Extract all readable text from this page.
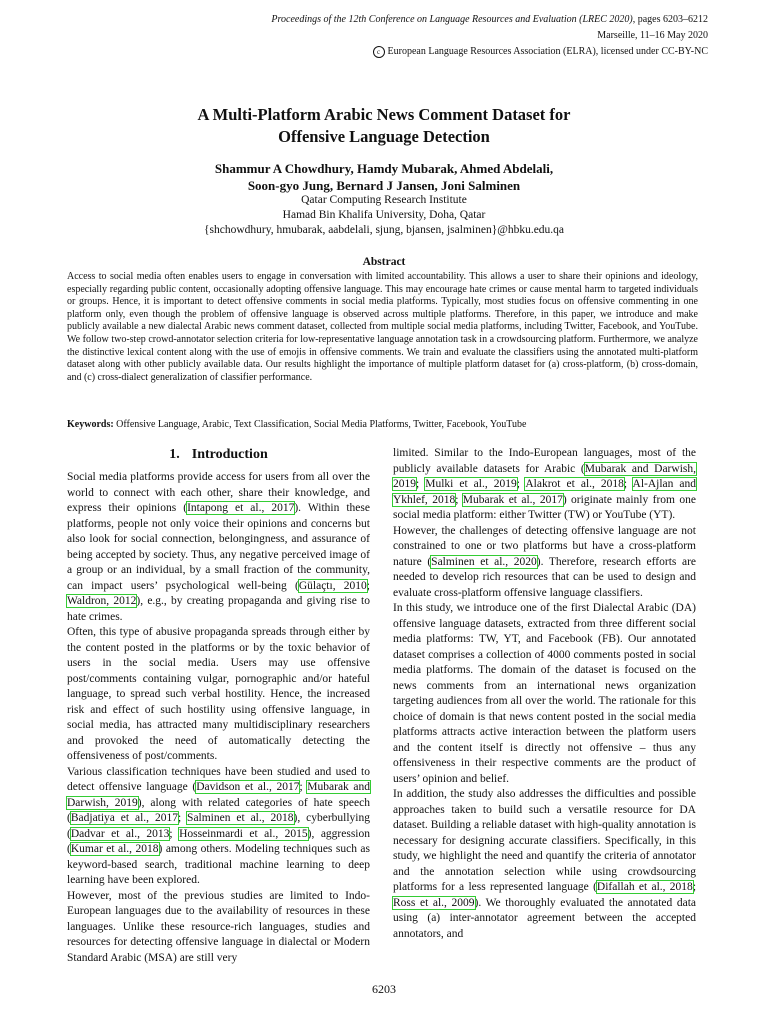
Proceedings of the 12th Conference on Language Resources and Evaluation (LREC 2020), pages 6203–6212
Marseille, 11–16 May 2020
c European Language Resources Association (ELRA), licensed under CC-BY-NC
A Multi-Platform Arabic News Comment Dataset for
Offensive Language Detection
Shammur A Chowdhury, Hamdy Mubarak, Ahmed Abdelali,
Soon-gyo Jung, Bernard J Jansen, Joni Salminen
Qatar Computing Research Institute
Hamad Bin Khalifa University, Doha, Qatar
{shchowdhury, hmubarak, aabdelali, sjung, bjansen, jsalminen}@hbku.edu.qa
Abstract

Access to social media often enables users to engage in conversation with limited accountability. This allows a user to share their opinions and ideology, especially regarding public content, occasionally adopting offensive language. This may encourage hate crimes or cause mental harm to targeted individuals or groups. Hence, it is important to detect offensive comments in social media platforms. Typically, most studies focus on offensive commenting in one platform only, even though the problem of offensive language is observed across multiple platforms. Therefore, in this paper, we introduce and make publicly available a new dialectal Arabic news comment dataset, collected from multiple social media platforms, including Twitter, Facebook, and YouTube. We follow two-step crowd-annotator selection criteria for low-representative language annotation task in a crowdsourcing platform. Furthermore, we analyze the distinctive lexical content along with the use of emojis in offensive comments. We train and evaluate the classifiers using the annotated multi-platform dataset along with other publicly available data. Our results highlight the importance of multiple platform dataset for (a) cross-platform, (b) cross-domain, and (c) cross-dialect generalization of classifier performance.

Keywords: Offensive Language, Arabic, Text Classification, Social Media Platforms, Twitter, Facebook, YouTube

1. Introduction

Social media platforms provide access for users from all over the world to connect with each other, share their knowledge, and express their opinions (Intapong et al., 2017). Within these platforms, people not only voice their opinions and concerns but also look for social connection, belongingness, and assurance of being accepted by society. Thus, any negative perceived image of a group or an individual, by a small fraction of the community, can impact users’ psychological well-being (Gülaçtı, 2010; Waldron, 2012), e.g., by creating propaganda and giving rise to hate crimes.

Often, this type of abusive propaganda spreads through either by the content posted in the platforms or by the toxic behavior of users in the social media. Users may use offensive post/comments containing vulgar, pornographic and/or hateful language, to spread such verbal hostility. Hence, the increased risk and effect of such hostility using offensive language, in social media, has attracted many multidisciplinary researchers and provoked the need of automatically detecting the offensiveness of post/comments.

Various classification techniques have been studied and used to detect offensive language (Davidson et al., 2017; Mubarak and Darwish, 2019), along with related categories of hate speech (Badjatiya et al., 2017; Salminen et al., 2018), cyberbullying (Dadvar et al., 2013; Hosseinmardi et al., 2015), aggression (Kumar et al., 2018) among others. Modeling techniques such as keyword-based search, traditional machine learning to deep learning have been explored.

However, most of the previous studies are limited to Indo-European languages due to the availability of resources in these languages. Unlike these resource-rich languages, studies and resources for detecting offensive language in dialectal or Modern Standard Arabic (MSA) are still very

limited. Similar to the Indo-European languages, most of the publicly available datasets for Arabic (Mubarak and Darwish, 2019; Mulki et al., 2019; Alakrot et al., 2018; Al-Ajlan and Ykhlef, 2018; Mubarak et al., 2017) originate mainly from one social media platform: either Twitter (TW) or YouTube (YT).

However, the challenges of detecting offensive language are not constrained to one or two platforms but have a cross-platform nature (Salminen et al., 2020). Therefore, research efforts are needed to develop rich resources that can be used to design and evaluate cross-platform offensive language classifiers.

In this study, we introduce one of the first Dialectal Arabic (DA) offensive language datasets, extracted from three different social media platforms: TW, YT, and Facebook (FB). Our annotated dataset comprises a collection of 4000 comments posted in social media platforms. The domain of the dataset is focused on the news comments from an international news organization targeting audiences from all over the world. The rationale for this choice of domain is that news content posted in the social media platforms attracts active interaction between the platform users and the content itself is directly not offensive – thus any offensiveness in their respective comments are the product of users’ opinion and belief.

In addition, the study also addresses the difficulties and possible approaches taken to build such a versatile resource for DA dataset. Building a reliable dataset with high-quality annotation is necessary for designing accurate classifiers. Specifically, in this study, we highlight the need and quantify the criteria of annotator and the annotation selection while using crowdsourcing platforms for a less represented language (Difallah et al., 2018; Ross et al., 2009). We thoroughly evaluated the annotated data using (a) inter-annotator agreement between the accepted annotators, and

6203
